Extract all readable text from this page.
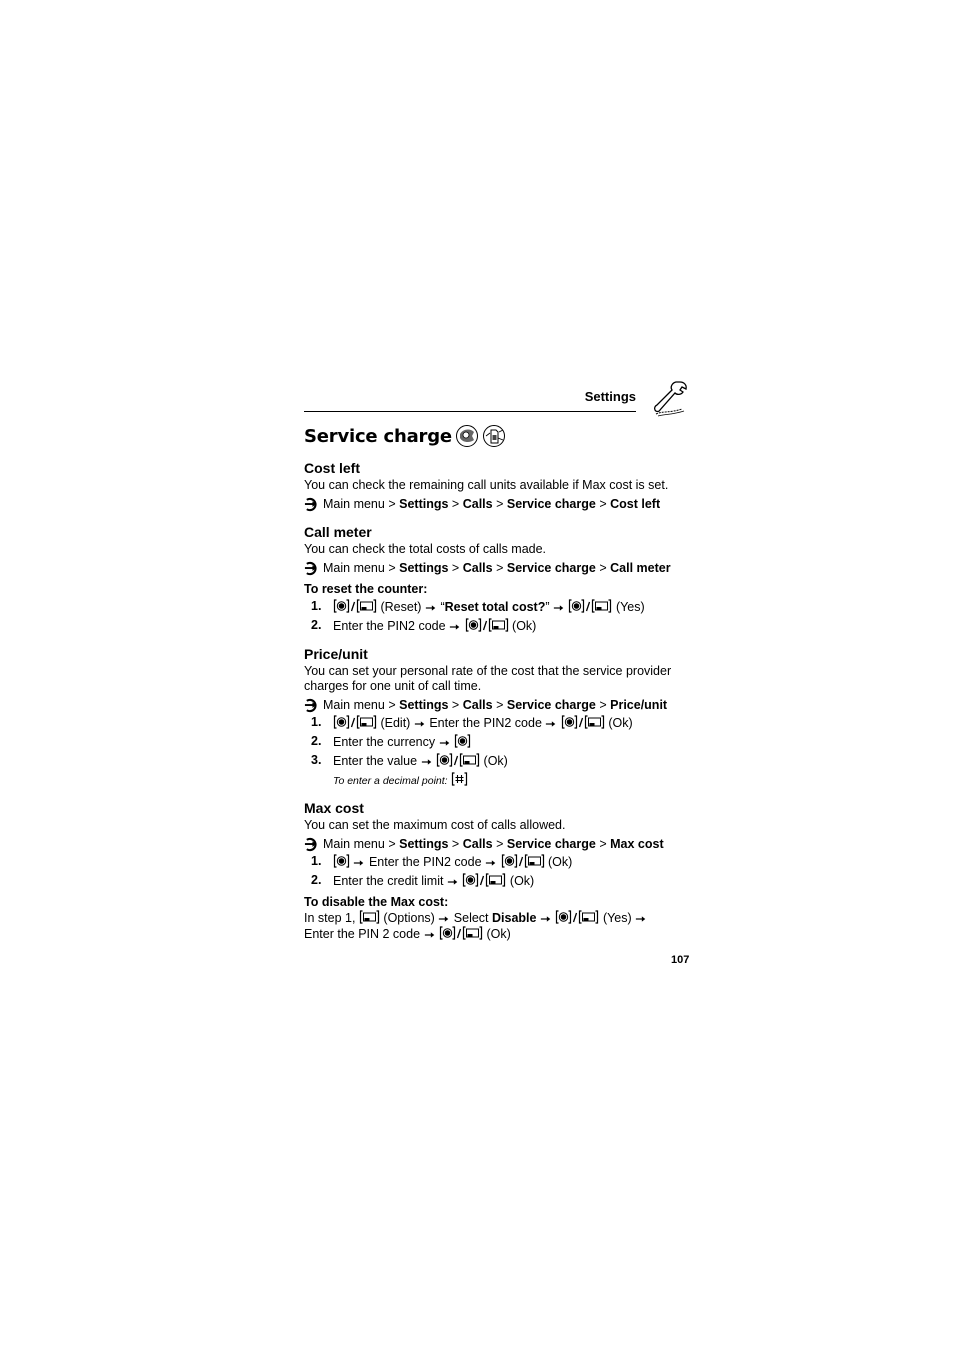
Settings
Service charge
Cost left

You can check the remaining call units available if Max cost is set.

Main menu
>
Settings
>
Calls
>
Service charge
>
Cost left
Call meter

You can check the total costs of calls made.

Main menu
>
Settings
>
Calls
>
Service charge
>
Call meter
To reset the counter:
1.	(Reset) “Reset total cost?”	(Yes)
2. Enter the PIN2 code	(Ok)
Price/unit

You can set your personal rate of the cost that the service provider charges for one unit of call time.

Main menu
>
Settings
>
Calls
>
Service charge
>
Price/unit
1.	(Edit) Enter the PIN2 code	(Ok)
2. Enter the currency
3. Enter the value	(Ok)
To enter a decimal point:
Max cost

You can set the maximum cost of calls allowed.

Main menu
>
Settings
>
Calls
>
Service charge
>
Max cost
1.	Enter the PIN2 code	(Ok)
2. Enter the credit limit	(Ok)
To disable the Max cost:

In step 1, (Options) Select Disable	(Yes)

Enter the PIN 2 code	(Ok)

107
